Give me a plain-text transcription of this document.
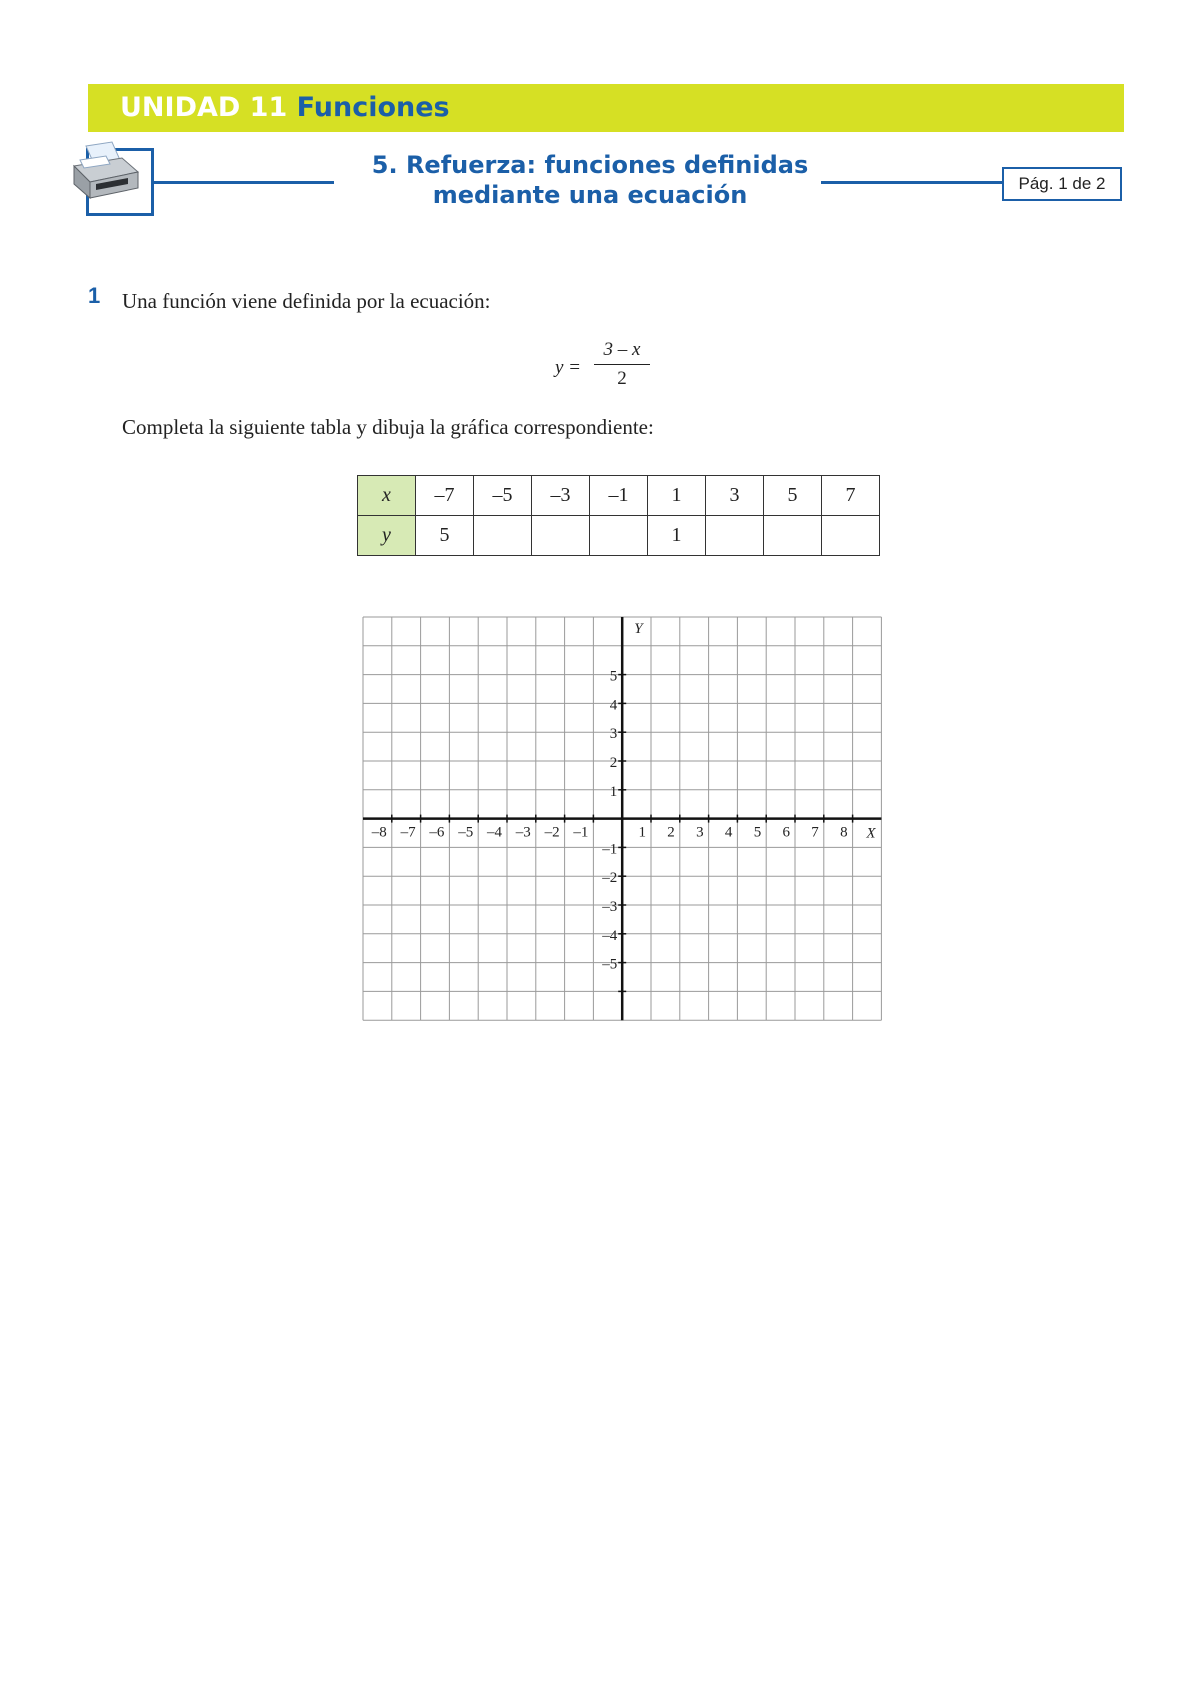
UNIDAD 11 Funciones
5. Refuerza: funciones definidas
mediante una ecuación	Pág. 1 de 2
1 Una función viene definida por la ecuación:
y =
3 – x
2
Completa la siguiente tabla y dibuja la gráfica correspondiente:
x	–7	–5	–3	–1	1	3	5	7
y	5				1			
–8 –7 –6 –5 –4 –3 –2 –1	1 2 3 4 5 6 7 8 X
Y
1
2
3
4
5
–1
–2
–3
–4
–5
